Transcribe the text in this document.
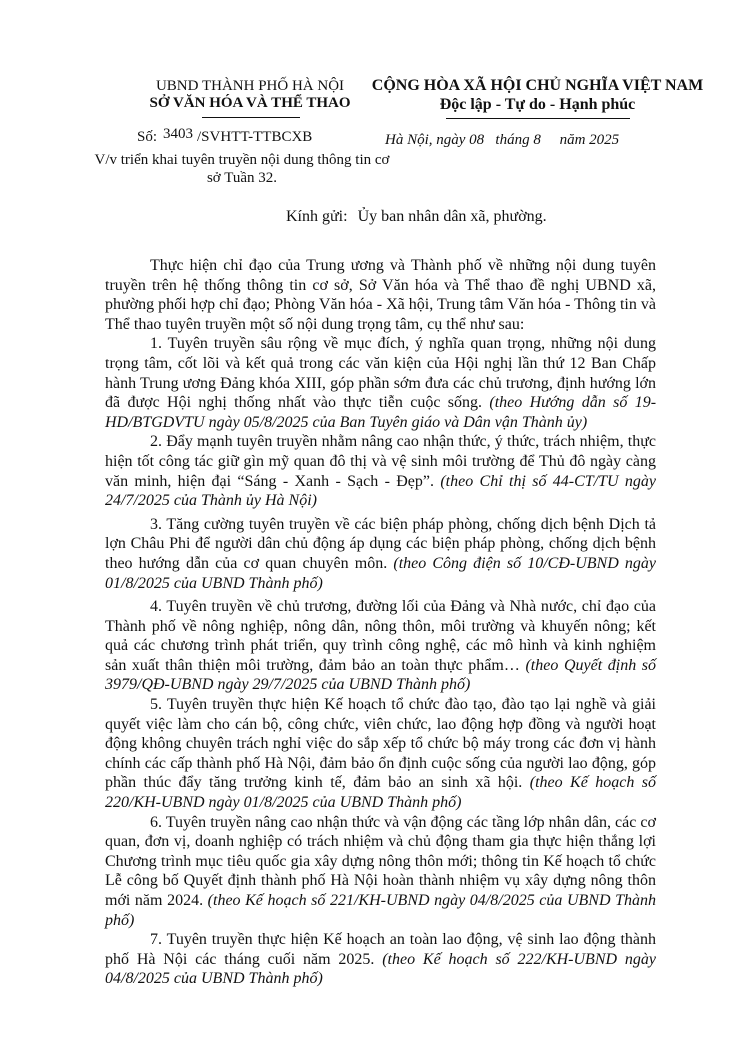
UBND THÀNH PHỐ HÀ NỘI
SỞ VĂN HÓA VÀ THỂ THAO
Số: 3403 /SVHTT-TTBCXB
V/v triển khai tuyên truyền nội dung thông tin cơ sở Tuần 32.
CỘNG HÒA XÃ HỘI CHỦ NGHĨA VIỆT NAM
Độc lập - Tự do - Hạnh phúc
Hà Nội, ngày 08 tháng 8 năm 2025
Kính gửi: Ủy ban nhân dân xã, phường.

Thực hiện chỉ đạo của Trung ương và Thành phố về những nội dung tuyên truyền trên hệ thống thông tin cơ sở, Sở Văn hóa và Thể thao đề nghị UBND xã, phường phối hợp chỉ đạo; Phòng Văn hóa - Xã hội, Trung tâm Văn hóa - Thông tin và Thể thao tuyên truyền một số nội dung trọng tâm, cụ thể như sau:

1. Tuyên truyền sâu rộng về mục đích, ý nghĩa quan trọng, những nội dung trọng tâm, cốt lõi và kết quả trong các văn kiện của Hội nghị lần thứ 12 Ban Chấp hành Trung ương Đảng khóa XIII, góp phần sớm đưa các chủ trương, định hướng lớn đã được Hội nghị thống nhất vào thực tiễn cuộc sống. (theo Hướng dẫn số 19-HD/BTGDVTU ngày 05/8/2025 của Ban Tuyên giáo và Dân vận Thành ủy)

2. Đẩy mạnh tuyên truyền nhằm nâng cao nhận thức, ý thức, trách nhiệm, thực hiện tốt công tác giữ gìn mỹ quan đô thị và vệ sinh môi trường để Thủ đô ngày càng văn minh, hiện đại “Sáng - Xanh - Sạch - Đẹp”. (theo Chỉ thị số 44-CT/TU ngày 24/7/2025 của Thành ủy Hà Nội)

3. Tăng cường tuyên truyền về các biện pháp phòng, chống dịch bệnh Dịch tả lợn Châu Phi để người dân chủ động áp dụng các biện pháp phòng, chống dịch bệnh theo hướng dẫn của cơ quan chuyên môn. (theo Công điện số 10/CĐ-UBND ngày 01/8/2025 của UBND Thành phố)

4. Tuyên truyền về chủ trương, đường lối của Đảng và Nhà nước, chỉ đạo của Thành phố về nông nghiệp, nông dân, nông thôn, môi trường và khuyến nông; kết quả các chương trình phát triển, quy trình công nghệ, các mô hình và kinh nghiệm sản xuất thân thiện môi trường, đảm bảo an toàn thực phẩm… (theo Quyết định số 3979/QĐ-UBND ngày 29/7/2025 của UBND Thành phố)

5. Tuyên truyền thực hiện Kế hoạch tổ chức đào tạo, đào tạo lại nghề và giải quyết việc làm cho cán bộ, công chức, viên chức, lao động hợp đồng và người hoạt động không chuyên trách nghỉ việc do sắp xếp tổ chức bộ máy trong các đơn vị hành chính các cấp thành phố Hà Nội, đảm bảo ổn định cuộc sống của người lao động, góp phần thúc đẩy tăng trưởng kinh tế, đảm bảo an sinh xã hội. (theo Kế hoạch số 220/KH-UBND ngày 01/8/2025 của UBND Thành phố)

6. Tuyên truyền nâng cao nhận thức và vận động các tầng lớp nhân dân, các cơ quan, đơn vị, doanh nghiệp có trách nhiệm và chủ động tham gia thực hiện thắng lợi Chương trình mục tiêu quốc gia xây dựng nông thôn mới; thông tin Kế hoạch tổ chức Lễ công bố Quyết định thành phố Hà Nội hoàn thành nhiệm vụ xây dựng nông thôn mới năm 2024. (theo Kế hoạch số 221/KH-UBND ngày 04/8/2025 của UBND Thành phố)

7. Tuyên truyền thực hiện Kế hoạch an toàn lao động, vệ sinh lao động thành phố Hà Nội các tháng cuối năm 2025. (theo Kế hoạch số 222/KH-UBND ngày 04/8/2025 của UBND Thành phố)
